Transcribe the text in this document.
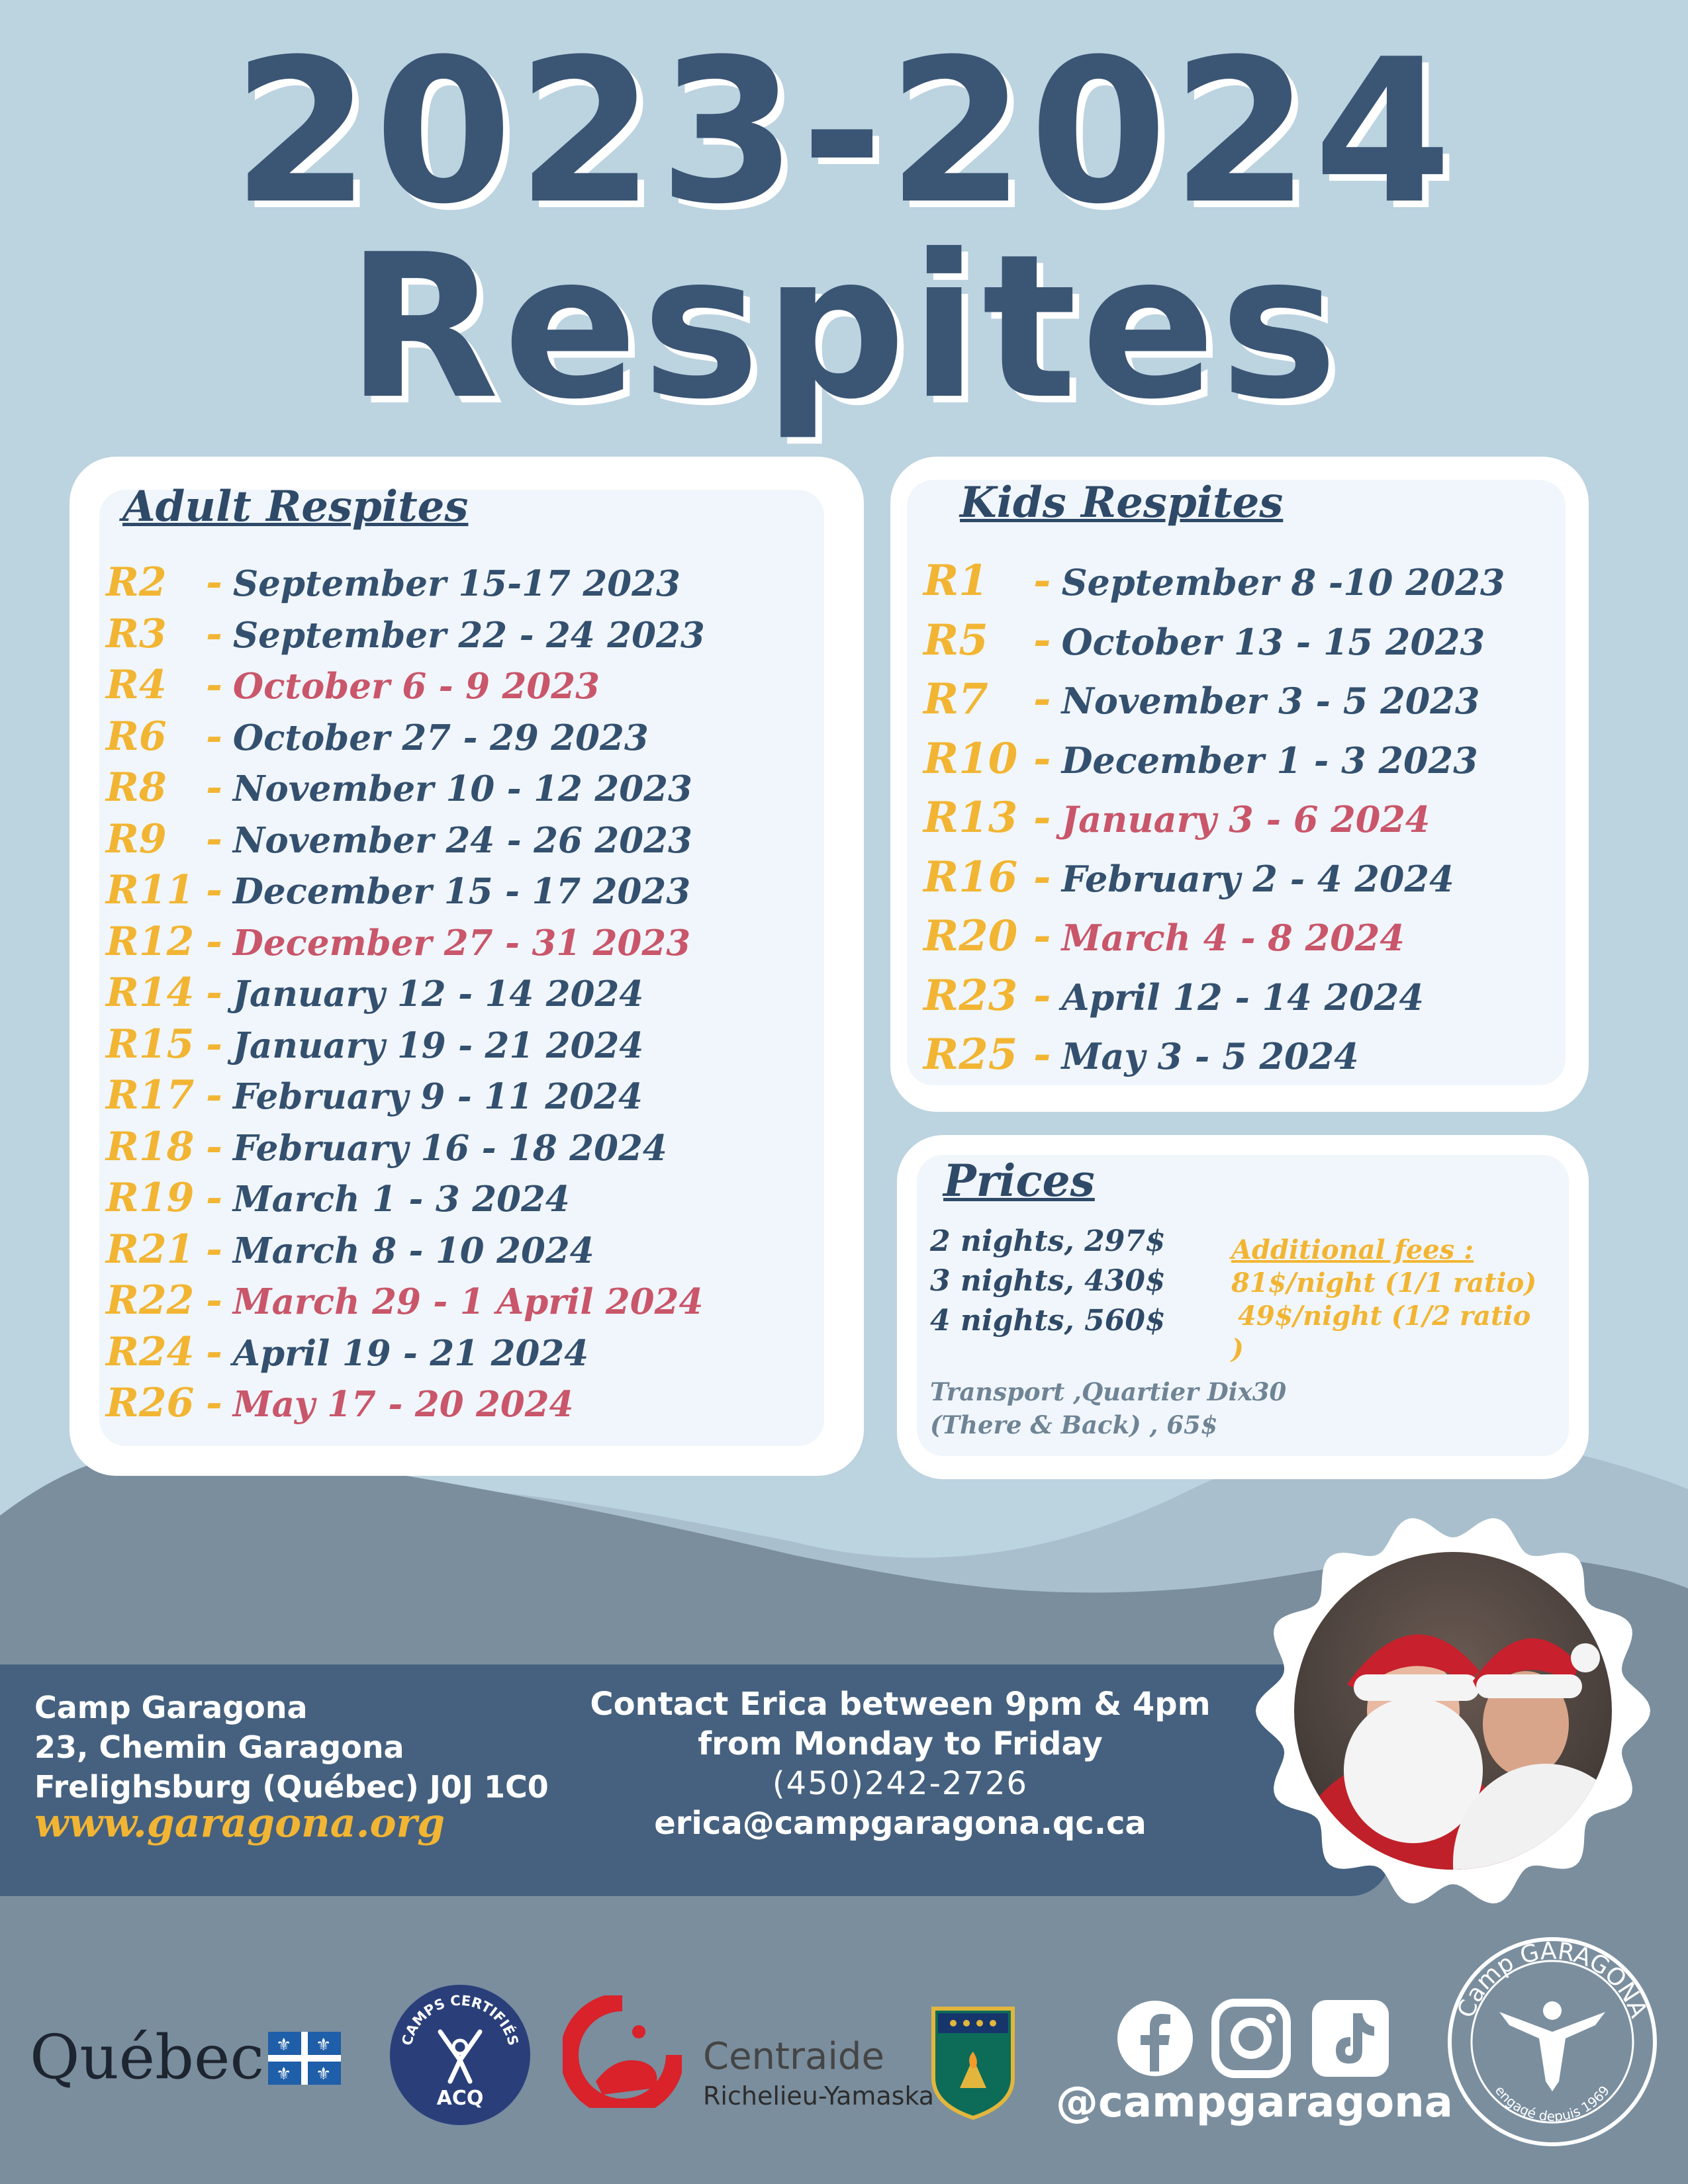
2023-2024
Respites
Adult Respites
R2 - September 15-17 2023
R3 - September 22 - 24 2023
R4 - October 6 - 9 2023
R6 - October 27 - 29 2023
R8 - November 10 - 12 2023
R9 - November 24 - 26 2023
R11 - December 15 - 17 2023
R12 - December 27 - 31 2023
R14 - January 12 - 14 2024
R15 - January 19 - 21 2024
R17 - February 9 - 11 2024
R18 - February 16 - 18 2024
R19 - March 1 - 3 2024
R21 - March 8 - 10 2024
R22 - March 29 - 1 April 2024
R24 - April 19 - 21 2024
R26 - May 17 - 20 2024
Kids Respites
R1 - September 8 -10 2023
R5 - October 13 - 15 2023
R7 - November 3 - 5 2023
R10 - December 1 - 3 2023
R13 - January 3 - 6 2024
R16 - February 2 - 4 2024
R20 - March 4 - 8 2024
R23 - April 12 - 14 2024
R25 - May 3 - 5 2024
Prices
2 nights, 297$
3 nights, 430$
4 nights, 560$
Additional fees :
81$/night (1/1 ratio)
49$/night (1/2 ratio
)
Transport ,Quartier Dix30
(There & Back) , 65$
Camp Garagona
23, Chemin Garagona
Frelighsburg (Québec) J0J 1C0
www.garagona.org
Contact Erica between 9pm & 4pm
from Monday to Friday
(450)242-2726
erica@campgaragona.qc.ca
Québec ⚜ ⚜
⚜ ⚜
CAMPS CERTIFIÉS
ACQ
Centraide
Richelieu-Yamaska	@campgaragona
Camp GARAGONA
engagé depuis 1969
